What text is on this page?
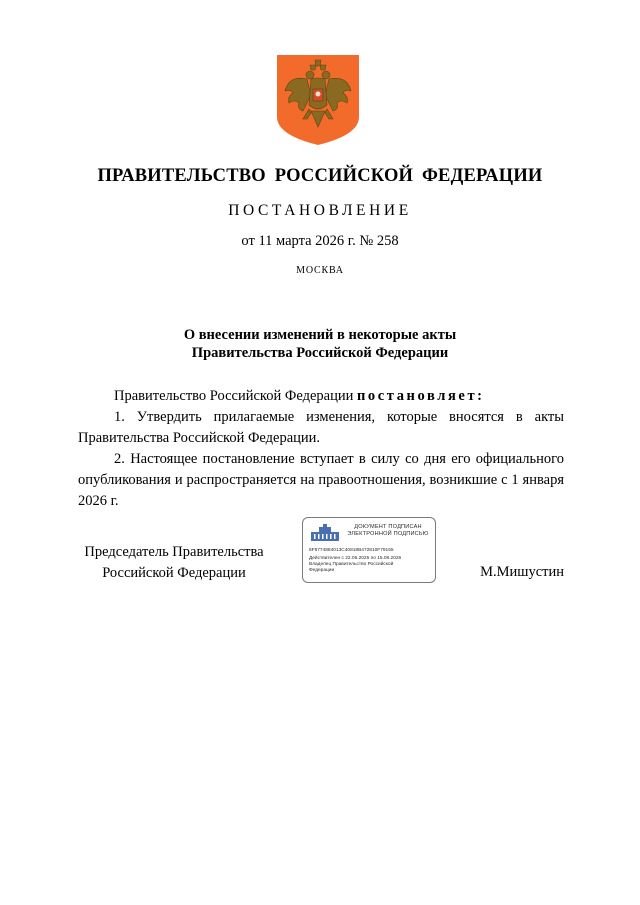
ПРАВИТЕЛЬСТВО РОССИЙСКОЙ ФЕДЕРАЦИИ
ПОСТАНОВЛЕНИЕ
от 11 марта 2026 г. № 258
МОСКВА
О внесении изменений в некоторые акты
Правительства Российской Федерации

Правительство Российской Федерации постановляет:

1. Утвердить прилагаемые изменения, которые вносятся в акты Правительства Российской Федерации.

2. Настоящее постановление вступает в силу со дня его официального опубликования и распространяется на правоотношения, возникшие с 1 января 2026 г.

Председатель Правительства
Российской Федерации
ДОКУМЕНТ ПОДПИСАН
ЭЛЕКТРОННОЙ ПОДПИСЬЮ
6F6774884013C40818B472810F79155
Действителен с 22.05.2025 по 15.08.2026
Владелец Правительство Российской
Федерации	М.Мишустин
